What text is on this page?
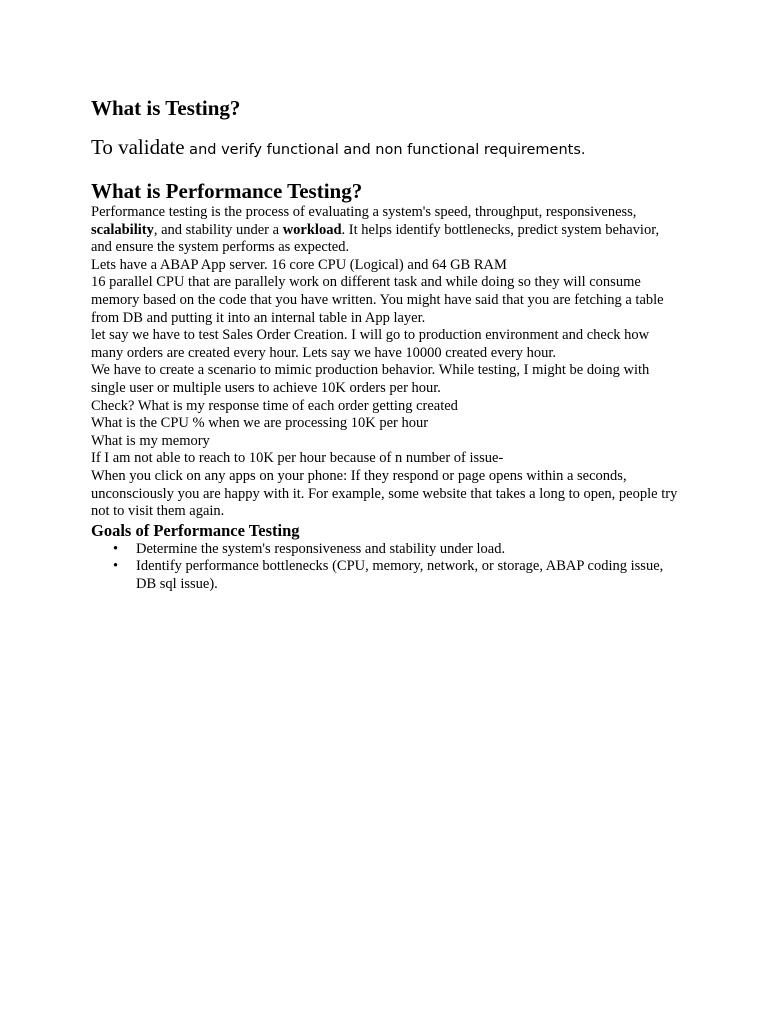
What is Testing?
To validate and verify functional and non functional requirements.
What is Performance Testing?

Performance testing is the process of evaluating a system's speed, throughput, responsiveness, scalability, and stability under a workload. It helps identify bottlenecks, predict system behavior, and ensure the system performs as expected.

Lets have a ABAP App server. 16 core CPU (Logical) and 64 GB RAM

16 parallel CPU that are parallely work on different task and while doing so they will consume memory based on the code that you have written. You might have said that you are fetching a table from DB and putting it into an internal table in App layer.

let say we have to test Sales Order Creation. I will go to production environment and check how many orders are created every hour. Lets say we have 10000 created every hour.

We have to create a scenario to mimic production behavior. While testing, I might be doing with single user or multiple users to achieve 10K orders per hour.

Check? What is my response time of each order getting created

What is the CPU % when we are processing 10K per hour

What is my memory

If I am not able to reach to 10K per hour because of n number of issue-

When you click on any apps on your phone: If they respond or page opens within a seconds, unconsciously you are happy with it. For example, some website that takes a long to open, people try not to visit them again.

Goals of Performance Testing
• Determine the system's responsiveness and stability under load.
• Identify performance bottlenecks (CPU, memory, network, or storage, ABAP coding issue, DB sql issue).
